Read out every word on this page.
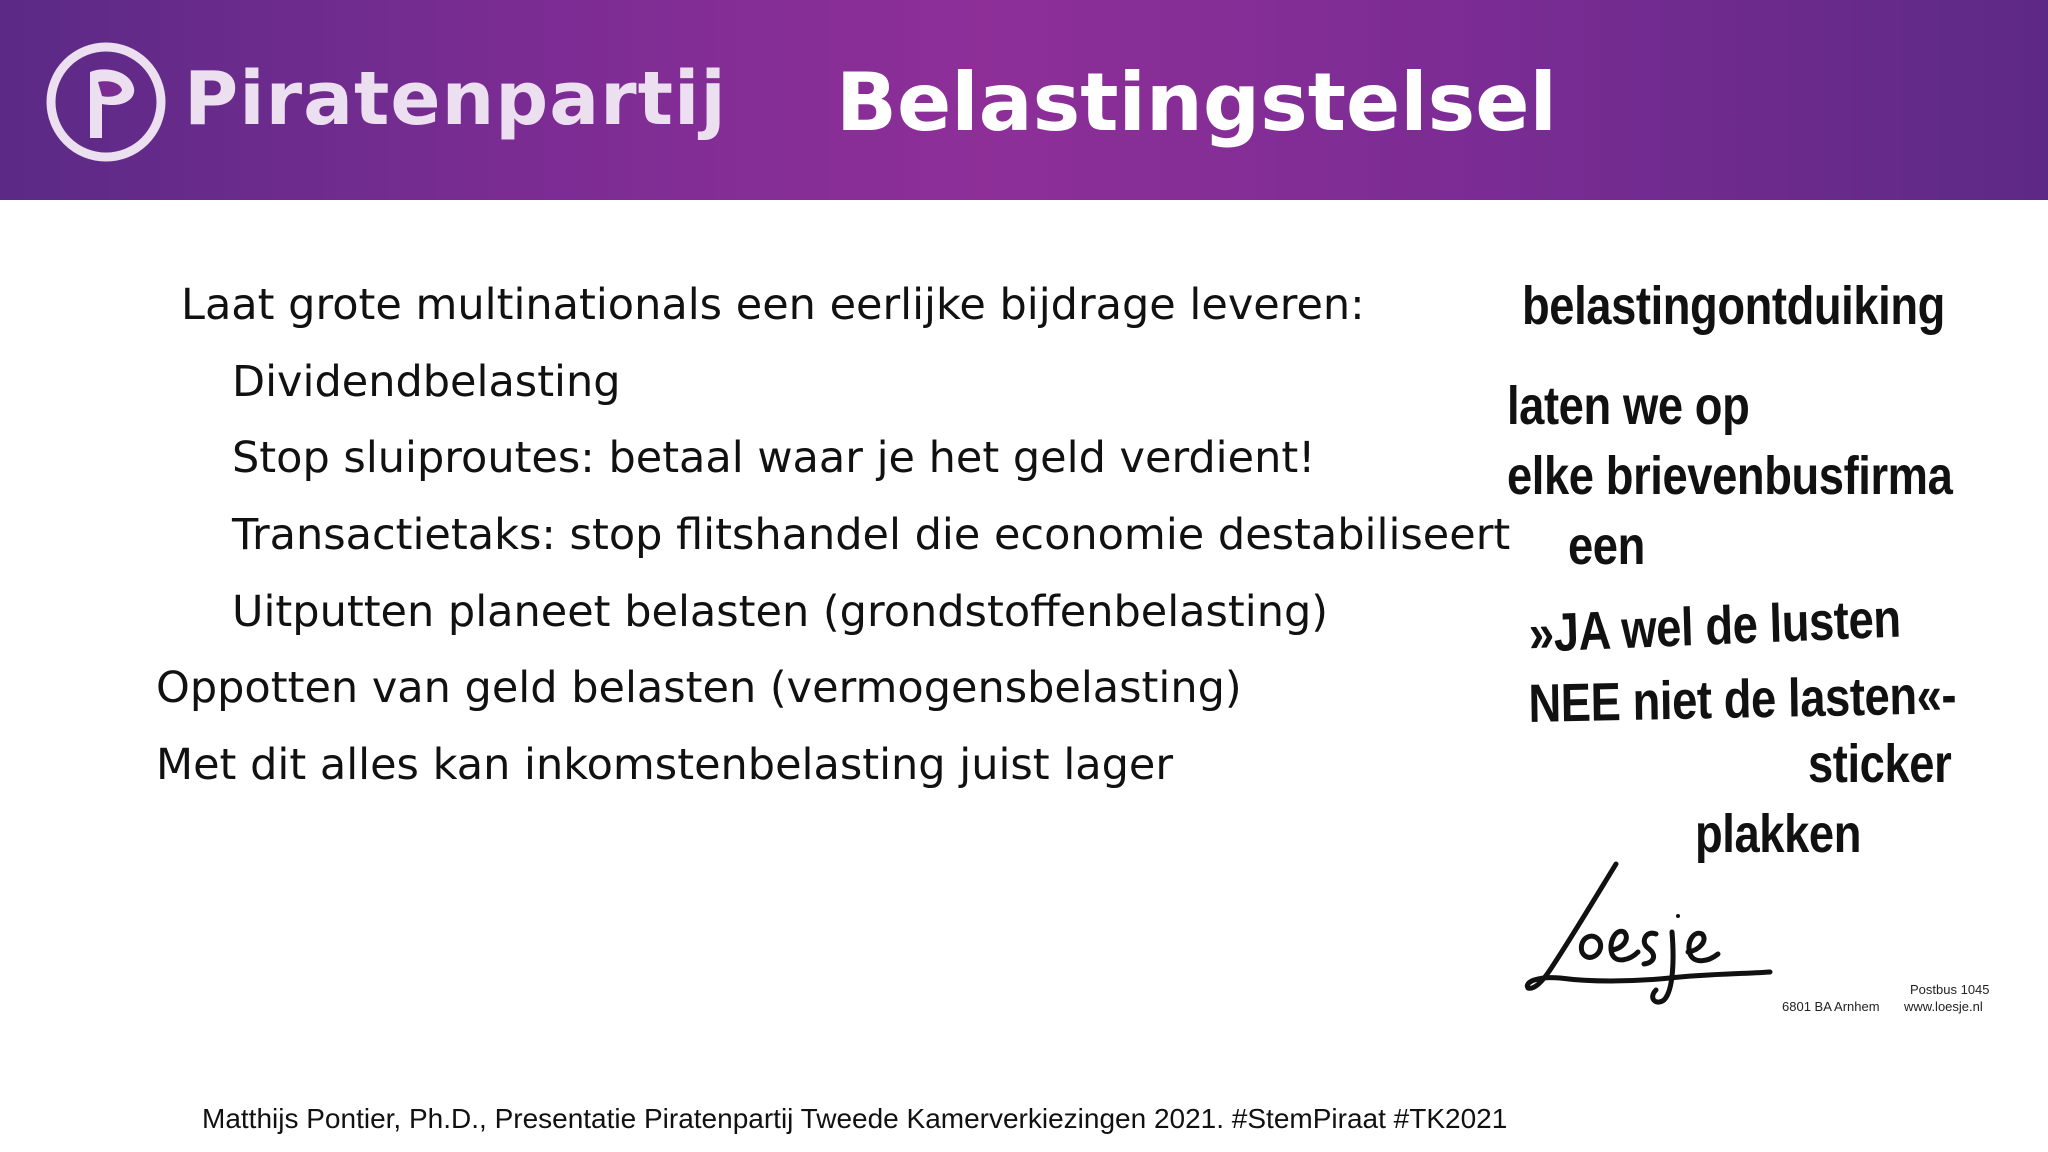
Piratenpartij Belastingstelsel
Laat grote multinationals een eerlijke bijdrage leveren:
Dividendbelasting
Stop sluiproutes: betaal waar je het geld verdient!
Transactietaks: stop flitshandel die economie destabiliseert
Uitputten planeet belasten (grondstoffenbelasting)
Oppotten van geld belasten (vermogensbelasting)
Met dit alles kan inkomstenbelasting juist lager
belastingontduiking
laten we op
elke brievenbusfirma
een
»JA wel de lusten
NEE niet de lasten«-
sticker
plakken
Postbus 1045
6801 BA Arnhem www.loesje.nl
Matthijs Pontier, Ph.D., Presentatie Piratenpartij Tweede Kamerverkiezingen 2021. #StemPiraat #TK2021
